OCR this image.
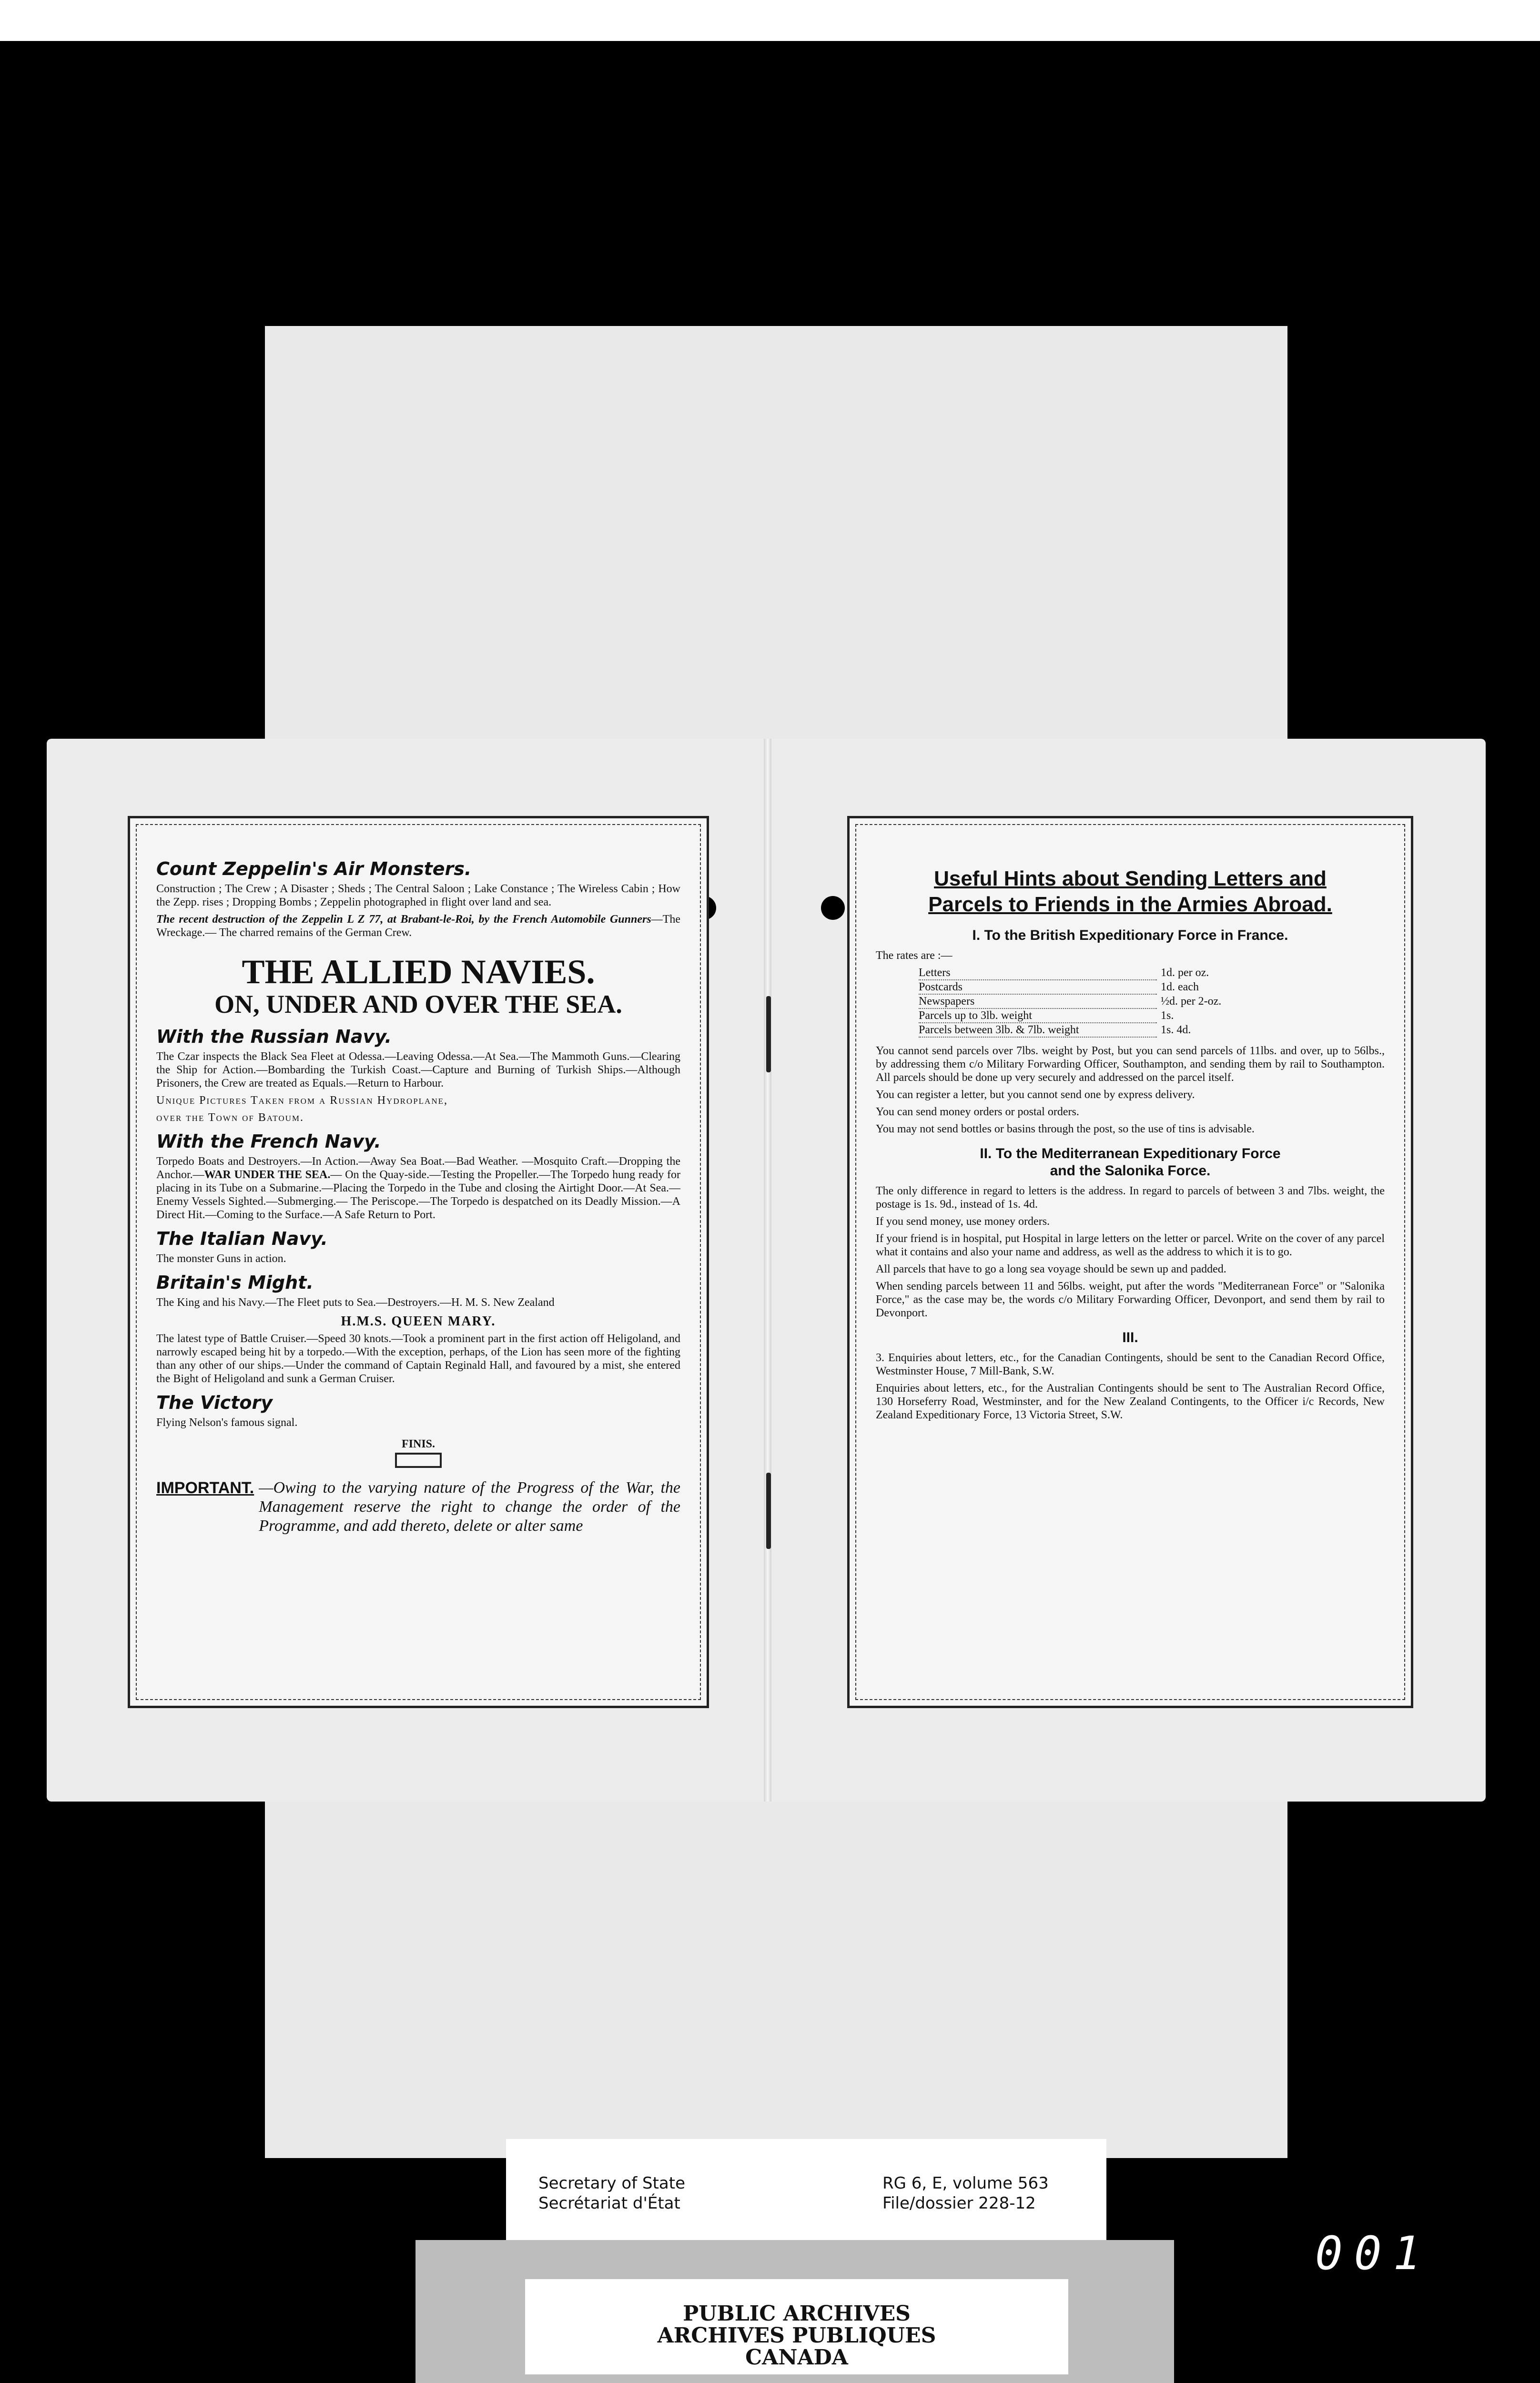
Count Zeppelin's Air Monsters.

Construction ; The Crew ; A Disaster ; Sheds ; The Central Saloon ; Lake Constance ; The Wireless Cabin ; How the Zepp. rises ; Dropping Bombs ; Zeppelin photographed in flight over land and sea.

The recent destruction of the Zeppelin L Z 77, at Brabant-le-Roi, by the French Automobile Gunners—The Wreckage.— The charred remains of the German Crew.

THE ALLIED NAVIES.
ON, UNDER AND OVER THE SEA.
With the Russian Navy.

The Czar inspects the Black Sea Fleet at Odessa.—Leaving Odessa.—At Sea.—The Mammoth Guns.—Clearing the Ship for Action.—Bombarding the Turkish Coast.—Capture and Burning of Turkish Ships.—Although Prisoners, the Crew are treated as Equals.—Return to Harbour.

Unique Pictures Taken from a Russian Hydroplane,

over the Town of Batoum.

With the French Navy.

Torpedo Boats and Destroyers.—In Action.—Away Sea Boat.—Bad Weather. —Mosquito Craft.—Dropping the Anchor.—WAR UNDER THE SEA.— On the Quay-side.—Testing the Propeller.—The Torpedo hung ready for placing in its Tube on a Submarine.—Placing the Torpedo in the Tube and closing the Airtight Door.—At Sea.—Enemy Vessels Sighted.—Submerging.— The Periscope.—The Torpedo is despatched on its Deadly Mission.—A Direct Hit.—Coming to the Surface.—A Safe Return to Port.

The Italian Navy.

The monster Guns in action.

Britain's Might.

The King and his Navy.—The Fleet puts to Sea.—Destroyers.—H. M. S. New Zealand

H.M.S. QUEEN MARY.

The latest type of Battle Cruiser.—Speed 30 knots.—Took a prominent part in the first action off Heligoland, and narrowly escaped being hit by a torpedo.—With the exception, perhaps, of the Lion has seen more of the fighting than any other of our ships.—Under the command of Captain Reginald Hall, and favoured by a mist, she entered the Bight of Heligoland and sunk a German Cruiser.

The Victory

Flying Nelson's famous signal.

FINIS.
IMPORTANT. —Owing to the varying nature of the Progress of the War, the Management reserve the right to change the order of the Programme, and add thereto, delete or alter same
Useful Hints about Sending Letters and
Parcels to Friends in the Armies Abroad.
I. To the British Expeditionary Force in France.

The rates are :—

Letters	1d. per oz.
Postcards	1d. each
Newspapers	½d. per 2-oz.
Parcels up to 3lb. weight	1s.
Parcels between 3lb. & 7lb. weight	1s. 4d.

You cannot send parcels over 7lbs. weight by Post, but you can send parcels of 11lbs. and over, up to 56lbs., by addressing them c/o Military Forwarding Officer, Southampton, and sending them by rail to Southampton. All parcels should be done up very securely and addressed on the parcel itself.

You can register a letter, but you cannot send one by express delivery.

You can send money orders or postal orders.

You may not send bottles or basins through the post, so the use of tins is advisable.

II. To the Mediterranean Expeditionary Force
and the Salonika Force.

The only difference in regard to letters is the address. In regard to parcels of between 3 and 7lbs. weight, the postage is 1s. 9d., instead of 1s. 4d.

If you send money, use money orders.

If your friend is in hospital, put Hospital in large letters on the letter or parcel. Write on the cover of any parcel what it contains and also your name and address, as well as the address to which it is to go.

All parcels that have to go a long sea voyage should be sewn up and padded.

When sending parcels between 11 and 56lbs. weight, put after the words "Mediterranean Force" or "Salonika Force," as the case may be, the words c/o Military Forwarding Officer, Devonport, and send them by rail to Devonport.

III.

3. Enquiries about letters, etc., for the Canadian Contingents, should be sent to the Canadian Record Office, Westminster House, 7 Mill-Bank, S.W.

Enquiries about letters, etc., for the Australian Contingents should be sent to The Australian Record Office, 130 Horseferry Road, Westminster, and for the New Zealand Contingents, to the Officer i/c Records, New Zealand Expeditionary Force, 13 Victoria Street, S.W.

Secretary of State
Secrétariat d'État
RG 6, E, volume 563
File/dossier 228-12
PUBLIC ARCHIVES
ARCHIVES PUBLIQUES
CANADA
001
